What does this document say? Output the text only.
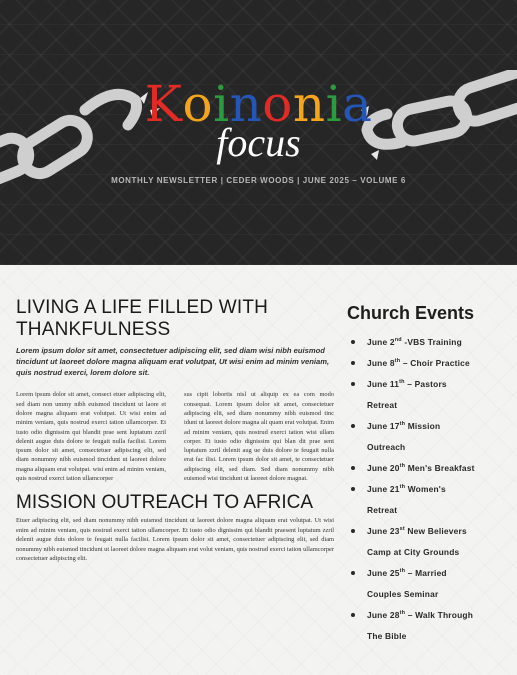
Koinonia
focus
MONTHLY NEWSLETTER | CEDER WOODS | JUNE 2025 – VOLUME 6
LIVING A LIFE FILLED WITH THANKFULNESS

Lorem ipsum dolor sit amet, consectetuer adipiscing elit, sed diam wisi nibh euismod tincidunt ut laoreet dolore magna aliquam erat volutpat, Ut wisi enim ad minim veniam, quis nostrud exerci, lorem dolore sit.

Lorem ipsum dolor sit amet, consect etuer adipiscing elit, sed diam non ummy nibh euismod tincidunt ut laore et dolore magna aliquam erat volutpat. Ut wisi enim ad minim veniam, quis nostrud exerci tation ullamcorper. Et iusto odio dignissim qui blandit prae sent luptatum zzril delenit augue duis dolore te feugait nulla facilisi. Lorem ipsum dolor sit amet, consectetuer adipiscing elit, sed diam nonummy nibh euismod tincidunt ut laoreet dolore magna aliquam erat volutpat. wisi enim ad minim veniam, quis nostrud exerci tation ullamcorper

sus cipit lobortis nisl ut aliquip ex ea com modo consequat. Lorem ipsum dolor sit amet, consectetuer adipiscing elit, sed diam nonummy nibh euismod tinc idunt ut laoreet dolore magna ali quam erat volutpat. Enim ad minim veniam, quis nostrud exerci tation wisi ullam corper. Et iusto odio dignissim qui blan dit prae sent luptatum zzril delenit aug ue duis dolore te feugait nulla erat fac ilisi. Lorem ipsum dolor sit amet, te consectetuer adipiscing elit, sed diam. Sed diam nonummy nibh euismod wisi tincidunt ut laoreet dolore magnat.

MISSION OUTREACH TO AFRICA

Etuer adipiscing elit, sed diam nonummy nibh euismod tincidunt ut laoreet dolore magna aliquam erat volutpat. Ut wisi enim ad minim veniam, quis nostrud exerci tation ullamcorper. Et iusto odio dignissim qui blandit praesent luptatum zzril delenit augue duis dolore te feugait nulla facilisi. Lorem ipsum dolor sit amet, consectetuer adipiscing elit, sed diam nonummy nibh euismod tincidunt ut laoreet dolore magna aliquam erat volut veniam, quis nostrud exerci tation ullamcorper consectetuer adipiscing elit.

Church Events
June 2nd -VBS Training
June 8th – Choir Practice
June 11th – Pastors
Retreat
June 17th Mission
Outreach
June 20th Men's Breakfast
June 21th Women's
Retreat
June 23st New Believers
Camp at City Grounds
June 25th – Married
Couples Seminar
June 28th – Walk Through
The Bible
